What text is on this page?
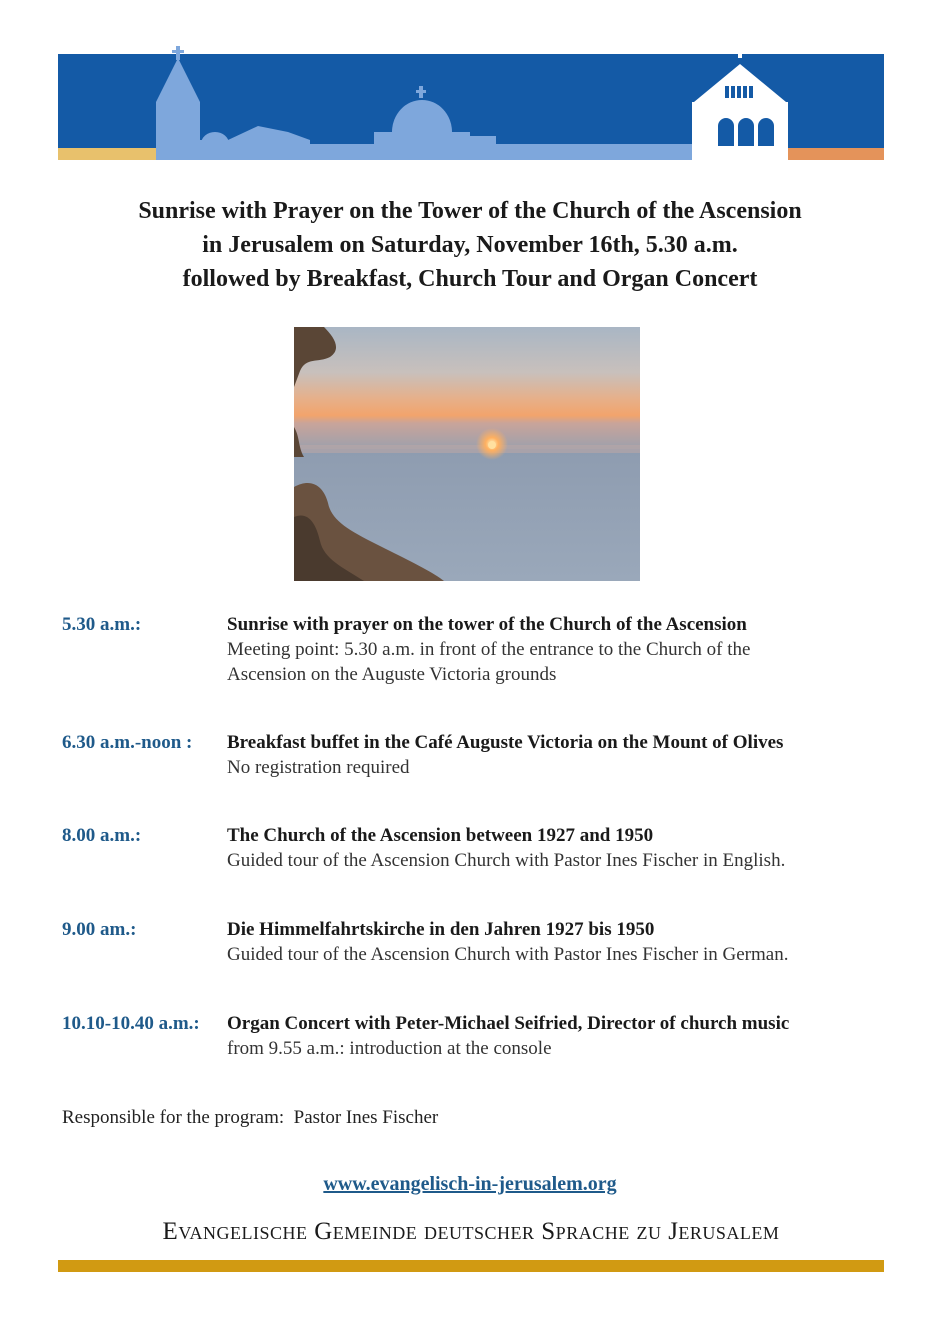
Sunrise with Prayer on the Tower of the Church of the Ascension
in Jerusalem on Saturday, November 16th, 5.30 a.m.
followed by Breakfast, Church Tour and Organ Concert
5.30 a.m.:	Sunrise with prayer on the tower of the Church of the Ascension
Meeting point: 5.30 a.m. in front of the entrance to the Church of the
Ascension on the Auguste Victoria grounds
6.30 a.m.-noon : Breakfast buffet in the Café Auguste Victoria on the Mount of Olives
No registration required
8.00 a.m.:	The Church of the Ascension between 1927 and 1950
Guided tour of the Ascension Church with Pastor Ines Fischer in English.
9.00 am.:	Die Himmelfahrtskirche in den Jahren 1927 bis 1950
Guided tour of the Ascension Church with Pastor Ines Fischer in German.
10.10-10.40 a.m.: Organ Concert with Peter-Michael Seifried, Director of church music
from 9.55 a.m.: introduction at the console
Responsible for the program:  Pastor Ines Fischer
www.evangelisch-in-jerusalem.org
Evangelische Gemeinde deutscher Sprache zu Jerusalem
